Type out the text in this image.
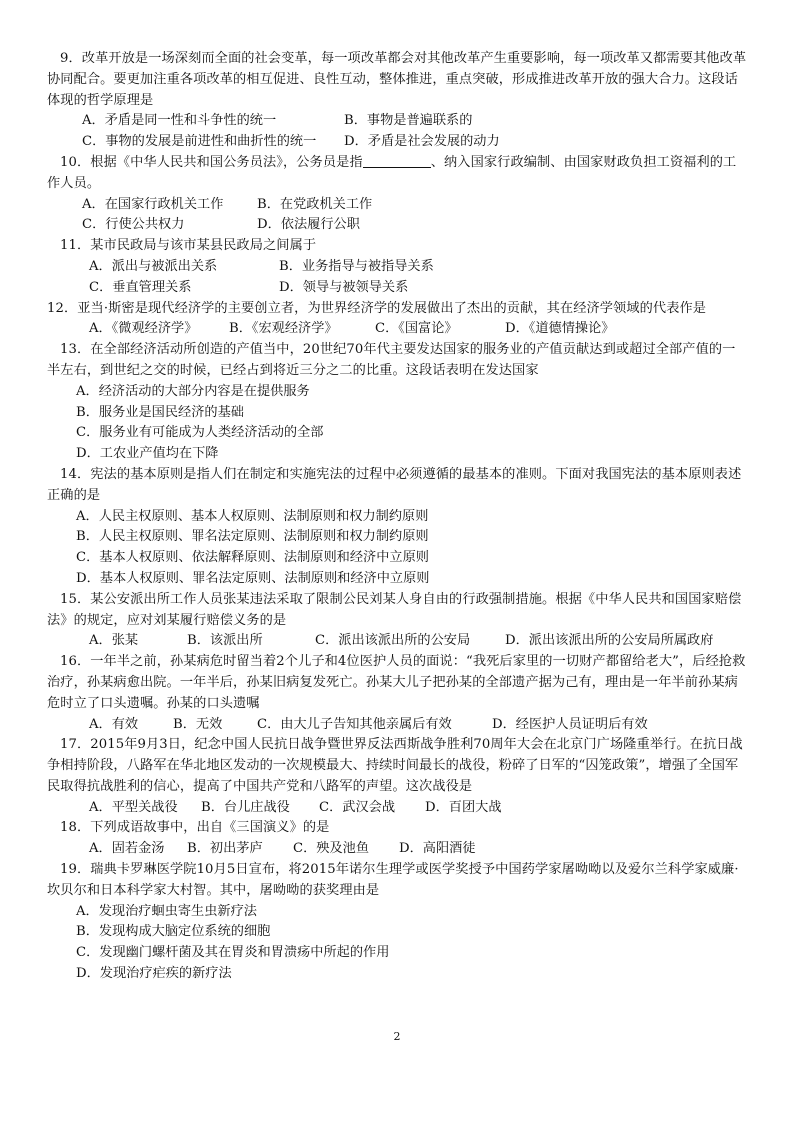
9．改革开放是一场深刻而全面的社会变革，每一项改革都会对其他改革产生重要影响，每一项改革又都需要其他改革协同配合。要更加注重各项改革的相互促进、良性互动，整体推进，重点突破，形成推进改革开放的强大合力。这段话体现的哲学原理是

A．矛盾是同一性和斗争性的统一	B．事物是普遍联系的
C．事物的发展是前进性和曲折性的统一	D．矛盾是社会发展的动力

10．根据《中华人民共和国公务员法》，公务员是指	、纳入国家行政编制、由国家财政负担工资福利的工作人员。

A．在国家行政机关工作	B．在党政机关工作
C．行使公共权力	D．依法履行公职

11．某市民政局与该市某县民政局之间属于

A．派出与被派出关系	B．业务指导与被指导关系
C．垂直管理关系	D．领导与被领导关系

12．亚当·斯密是现代经济学的主要创立者，为世界经济学的发展做出了杰出的贡献，其在经济学领域的代表作是

A．《微观经济学》	B．《宏观经济学》	C．《国富论》	D．《道德情操论》

13．在全部经济活动所创造的产值当中，20世纪70年代主要发达国家的服务业的产值贡献达到或超过全部产值的一半左右，到世纪之交的时候，已经占到将近三分之二的比重。这段话表明在发达国家

A．经济活动的大部分内容是在提供服务
B．服务业是国民经济的基础
C．服务业有可能成为人类经济活动的全部
D．工农业产值均在下降

14．宪法的基本原则是指人们在制定和实施宪法的过程中必须遵循的最基本的准则。下面对我国宪法的基本原则表述正确的是

A．人民主权原则、基本人权原则、法制原则和权力制约原则
B．人民主权原则、罪名法定原则、法制原则和权力制约原则
C．基本人权原则、依法解释原则、法制原则和经济中立原则
D．基本人权原则、罪名法定原则、法制原则和经济中立原则

15．某公安派出所工作人员张某违法采取了限制公民刘某人身自由的行政强制措施。根据《中华人民共和国国家赔偿法》的规定，应对刘某履行赔偿义务的是

A．张某	B．该派出所	C．派出该派出所的公安局	D．派出该派出所的公安局所属政府

16．一年半之前，孙某病危时留当着2个儿子和4位医护人员的面说：“我死后家里的一切财产都留给老大”，后经抢救治疗，孙某病愈出院。一年半后，孙某旧病复发死亡。孙某大儿子把孙某的全部遗产据为己有，理由是一年半前孙某病危时立了口头遗嘱。孙某的口头遗嘱

A．有效	B．无效	C．由大儿子告知其他亲属后有效	D．经医护人员证明后有效

17．2015年9月3日，纪念中国人民抗日战争暨世界反法西斯战争胜利70周年大会在北京门广场隆重举行。在抗日战争相持阶段，八路军在华北地区发动的一次规模最大、持续时间最长的战役，粉碎了日军的“囚笼政策”，增强了全国军民取得抗战胜利的信心，提高了中国共产党和八路军的声望。这次战役是

A．平型关战役	B．台儿庄战役	C．武汉会战	D．百团大战

18．下列成语故事中，出自《三国演义》的是

A．固若金汤	B．初出茅庐	C．殃及池鱼	D．高阳酒徒

19．瑞典卡罗琳医学院10月5日宣布，将2015年诺尔生理学或医学奖授予中国药学家屠呦呦以及爱尔兰科学家威廉·坎贝尔和日本科学家大村智。其中，屠呦呦的获奖理由是

A．发现治疗蛔虫寄生虫新疗法
B．发现构成大脑定位系统的细胞
C．发现幽门螺杆菌及其在胃炎和胃溃疡中所起的作用
D．发现治疗疟疾的新疗法
2
